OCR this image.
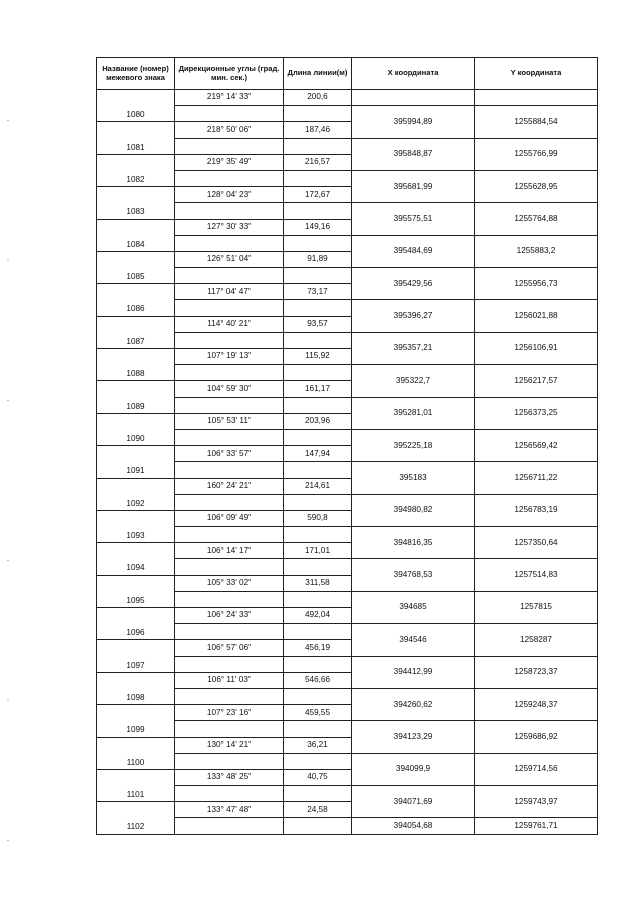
Название (номер) межевого знака	Дирекционные углы (град. мин. сек.)	Длина линии(м)	X координата	Y координата
1080	219° 14' 33"	200,6		
			395994,89	1255884,54
1081	218° 50' 06"	187,46		
			395848,87	1255766,99
1082	219° 35' 49"	216,57		
			395681,99	1255628,95
1083	128° 04' 23"	172,67		
			395575,51	1255764,88
1084	127° 30' 33"	149,16		
			395484,69	1255883,2
1085	126° 51' 04"	91,89		
			395429,56	1255956,73
1086	117° 04' 47"	73,17		
			395396,27	1256021,88
1087	114° 40' 21"	93,57		
			395357,21	1256106,91
1088	107° 19' 13"	115,92		
			395322,7	1256217,57
1089	104° 59' 30"	161,17		
			395281,01	1256373,25
1090	105° 53' 11"	203,96		
			395225,18	1256569,42
1091	106° 33' 57"	147,94		
			395183	1256711,22
1092	160° 24' 21"	214,61		
			394980,82	1256783,19
1093	106° 09' 49"	590,8		
			394816,35	1257350,64
1094	106° 14' 17"	171,01		
			394768,53	1257514,83
1095	105° 33' 02"	311,58		
			394685	1257815
1096	106° 24' 33"	492,04		
			394546	1258287
1097	106° 57' 06"	456,19		
			394412,99	1258723,37
1098	106° 11' 03"	546,66		
			394260,62	1259248,37
1099	107° 23' 16"	459,55		
			394123,29	1259686,92
1100	130° 14' 21"	36,21		
			394099,9	1259714,56
1101	133° 48' 25"	40,75		
			394071,69	1259743,97
1102	133° 47' 48"	24,58		
			394054,68	1259761,71
